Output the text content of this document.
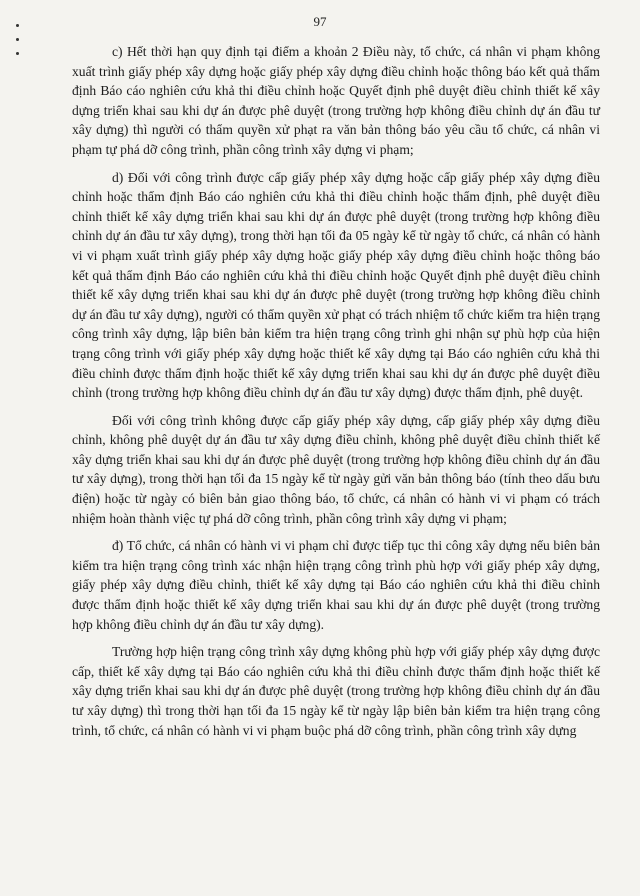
97

c) Hết thời hạn quy định tại điểm a khoản 2 Điều này, tổ chức, cá nhân vi phạm không xuất trình giấy phép xây dựng hoặc giấy phép xây dựng điều chỉnh hoặc thông báo kết quả thẩm định Báo cáo nghiên cứu khả thi điều chỉnh hoặc Quyết định phê duyệt điều chỉnh thiết kế xây dựng triển khai sau khi dự án được phê duyệt (trong trường hợp không điều chỉnh dự án đầu tư xây dựng) thì người có thẩm quyền xử phạt ra văn bản thông báo yêu cầu tổ chức, cá nhân vi phạm tự phá dỡ công trình, phần công trình xây dựng vi phạm;

d) Đối với công trình được cấp giấy phép xây dựng hoặc cấp giấy phép xây dựng điều chỉnh hoặc thẩm định Báo cáo nghiên cứu khả thi điều chỉnh hoặc thẩm định, phê duyệt điều chỉnh thiết kế xây dựng triển khai sau khi dự án được phê duyệt (trong trường hợp không điều chỉnh dự án đầu tư xây dựng), trong thời hạn tối đa 05 ngày kể từ ngày tổ chức, cá nhân có hành vi vi phạm xuất trình giấy phép xây dựng hoặc giấy phép xây dựng điều chỉnh hoặc thông báo kết quả thẩm định Báo cáo nghiên cứu khả thi điều chỉnh hoặc Quyết định phê duyệt điều chỉnh thiết kế xây dựng triển khai sau khi dự án được phê duyệt (trong trường hợp không điều chỉnh dự án đầu tư xây dựng), người có thẩm quyền xử phạt có trách nhiệm tổ chức kiểm tra hiện trạng công trình xây dựng, lập biên bản kiểm tra hiện trạng công trình ghi nhận sự phù hợp của hiện trạng công trình với giấy phép xây dựng hoặc thiết kế xây dựng tại Báo cáo nghiên cứu khả thi điều chỉnh được thẩm định hoặc thiết kế xây dựng triển khai sau khi dự án được phê duyệt điều chỉnh (trong trường hợp không điều chỉnh dự án đầu tư xây dựng) được thẩm định, phê duyệt.

Đối với công trình không được cấp giấy phép xây dựng, cấp giấy phép xây dựng điều chỉnh, không phê duyệt dự án đầu tư xây dựng điều chỉnh, không phê duyệt điều chỉnh thiết kế xây dựng triển khai sau khi dự án được phê duyệt (trong trường hợp không điều chỉnh dự án đầu tư xây dựng), trong thời hạn tối đa 15 ngày kể từ ngày gửi văn bản thông báo (tính theo dấu bưu điện) hoặc từ ngày có biên bản giao thông báo, tổ chức, cá nhân có hành vi vi phạm có trách nhiệm hoàn thành việc tự phá dỡ công trình, phần công trình xây dựng vi phạm;

đ) Tổ chức, cá nhân có hành vi vi phạm chỉ được tiếp tục thi công xây dựng nếu biên bản kiểm tra hiện trạng công trình xác nhận hiện trạng công trình phù hợp với giấy phép xây dựng, giấy phép xây dựng điều chỉnh, thiết kế xây dựng tại Báo cáo nghiên cứu khả thi điều chỉnh được thẩm định hoặc thiết kế xây dựng triển khai sau khi dự án được phê duyệt (trong trường hợp không điều chỉnh dự án đầu tư xây dựng).

Trường hợp hiện trạng công trình xây dựng không phù hợp với giấy phép xây dựng được cấp, thiết kế xây dựng tại Báo cáo nghiên cứu khả thi điều chỉnh được thẩm định hoặc thiết kế xây dựng triển khai sau khi dự án được phê duyệt (trong trường hợp không điều chỉnh dự án đầu tư xây dựng) thì trong thời hạn tối đa 15 ngày kể từ ngày lập biên bản kiểm tra hiện trạng công trình, tổ chức, cá nhân có hành vi vi phạm buộc phá dỡ công trình, phần công trình xây dựng
